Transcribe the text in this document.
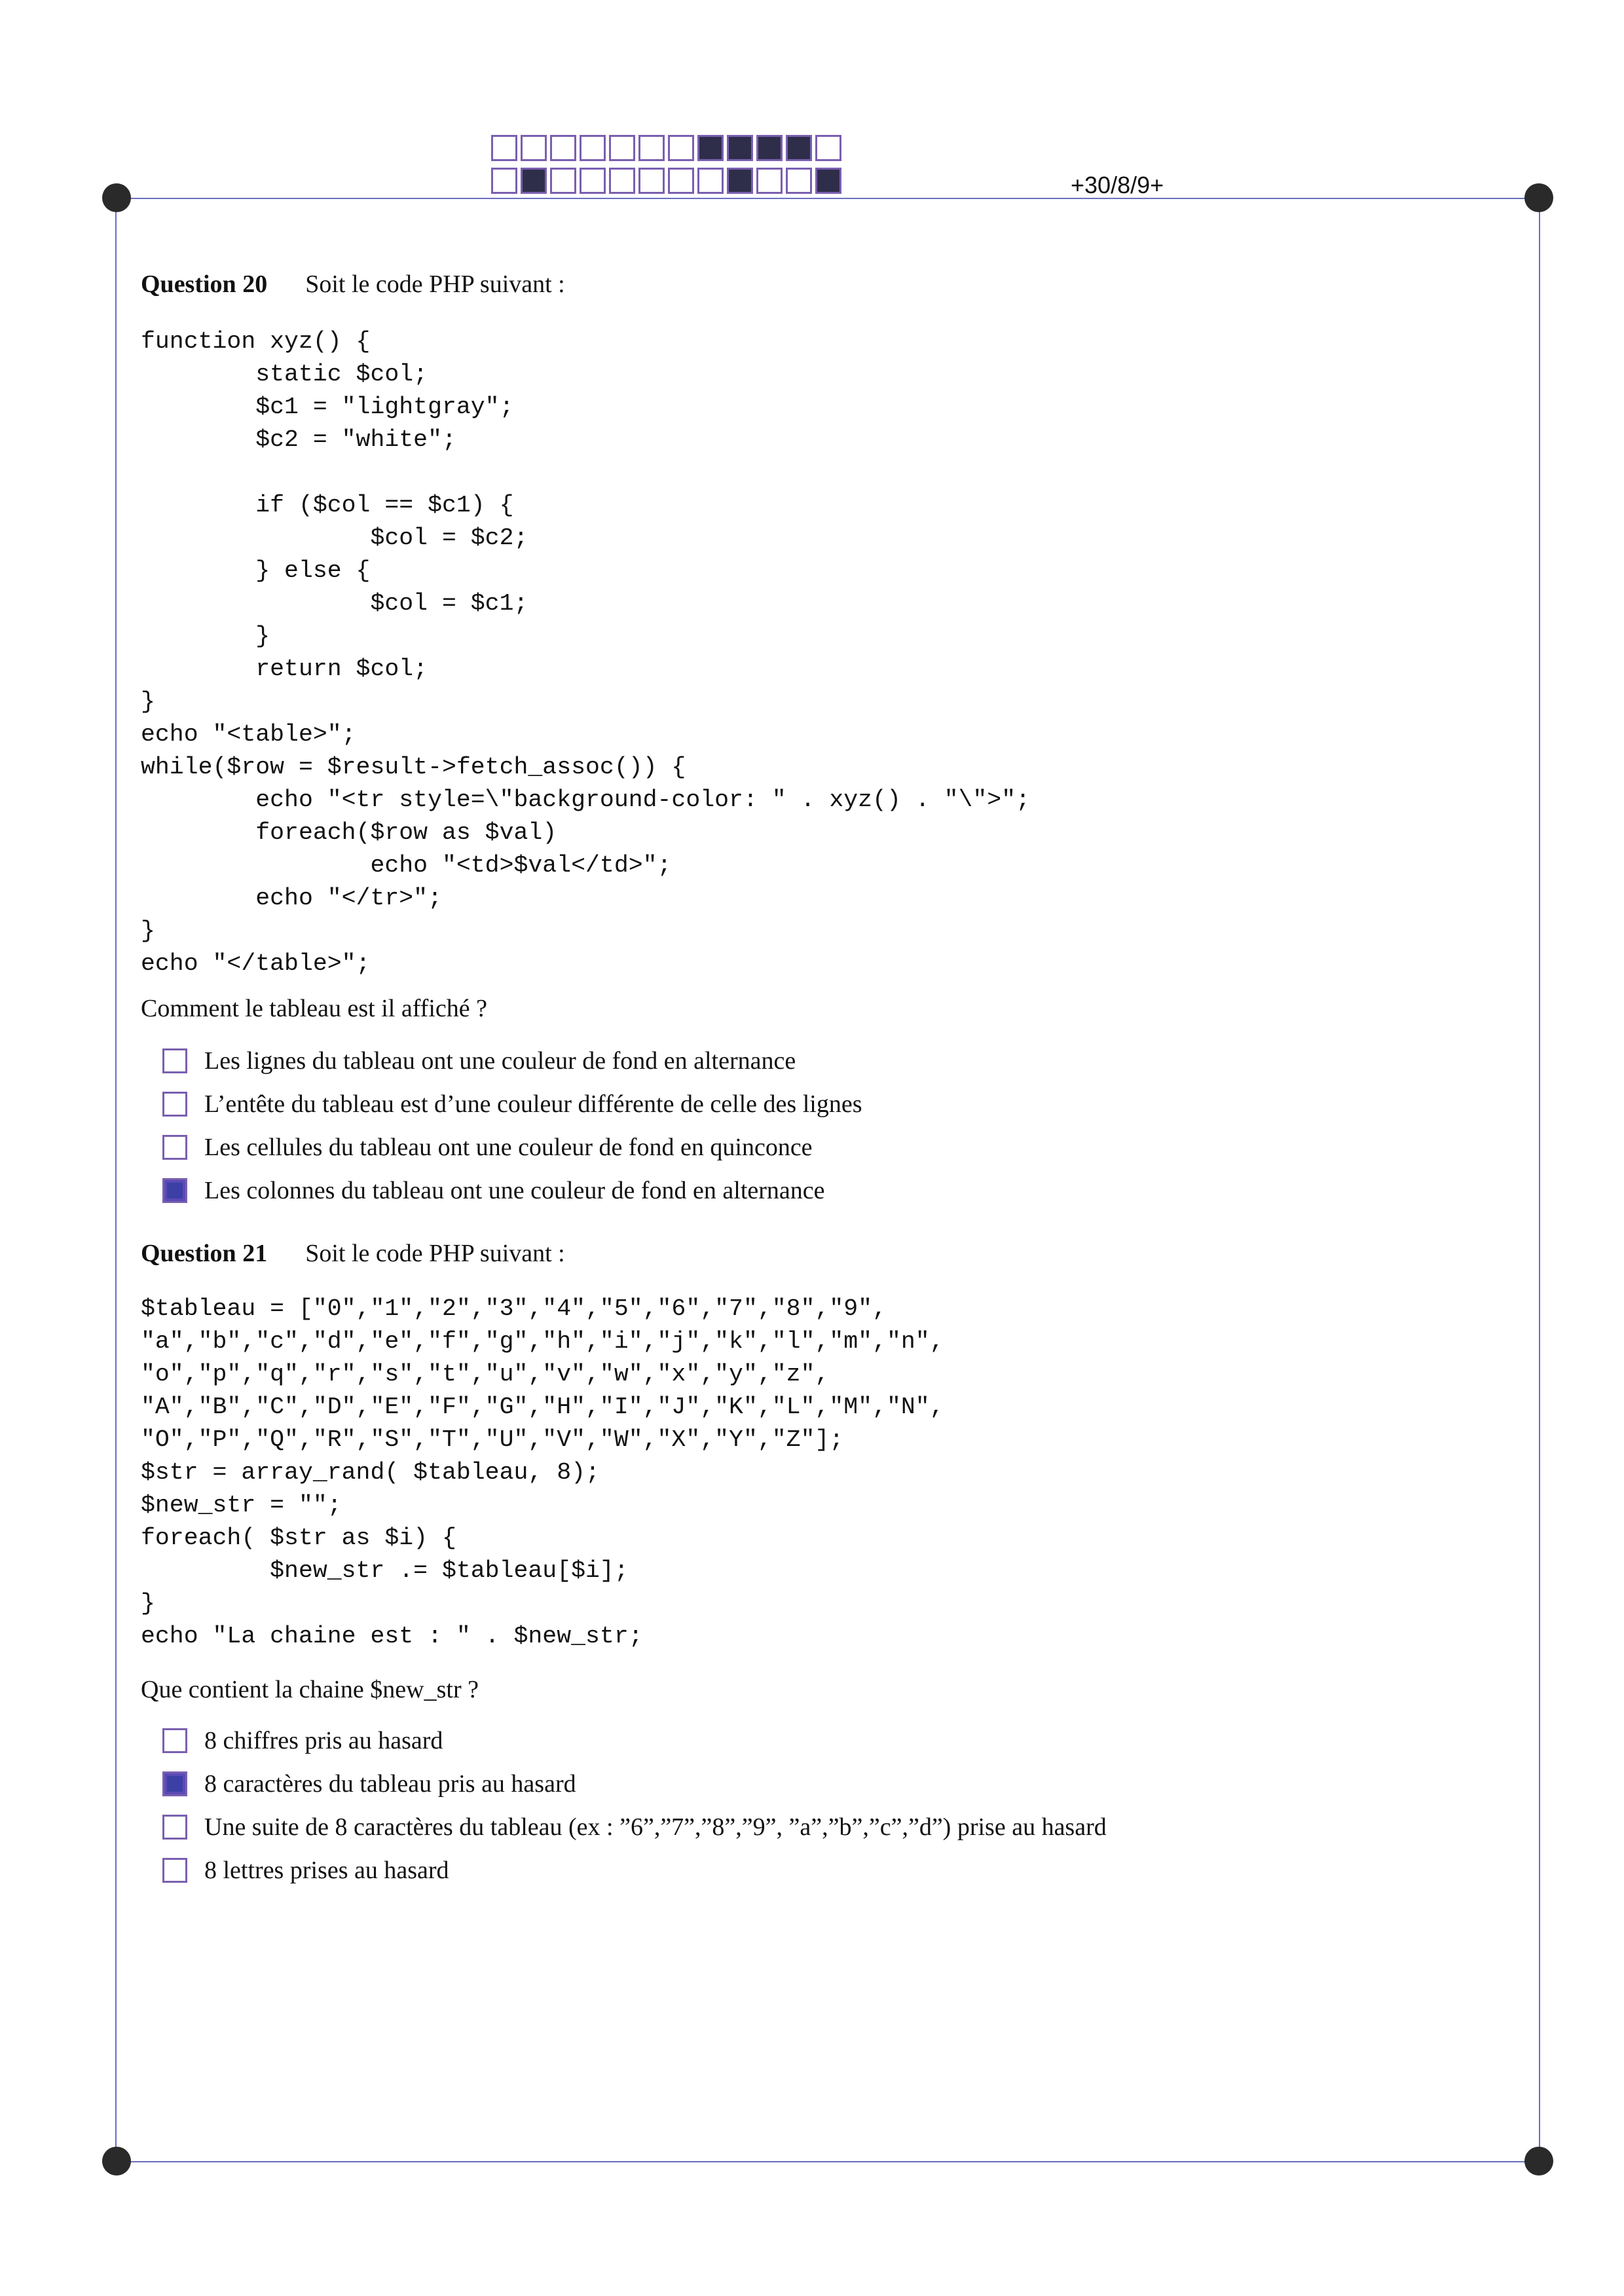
+30/8/9+
Question 20 Soit le code PHP suivant :
function xyz() {
static $col;
$c1 = "lightgray";
$c2 = "white";

if ($col == $c1) {
$col = $c2;
} else {
$col = $c1;
}
return $col;
}
echo "<table>";
while($row = $result->fetch_assoc()) {
echo "<tr style=\"background-color: " . xyz() . "\">";
foreach($row as $val)
echo "<td>$val</td>";
echo "</tr>";
}
echo "</table>";
Comment le tableau est il affiché ?
Les lignes du tableau ont une couleur de fond en alternance
L’entête du tableau est d’une couleur différente de celle des lignes
Les cellules du tableau ont une couleur de fond en quinconce
Les colonnes du tableau ont une couleur de fond en alternance
Question 21 Soit le code PHP suivant :
$tableau = ["0","1","2","3","4","5","6","7","8","9",
"a","b","c","d","e","f","g","h","i","j","k","l","m","n",
"o","p","q","r","s","t","u","v","w","x","y","z",
"A","B","C","D","E","F","G","H","I","J","K","L","M","N",
"O","P","Q","R","S","T","U","V","W","X","Y","Z"];
$str = array_rand( $tableau, 8);
$new_str = "";
foreach( $str as $i) {
$new_str .= $tableau[$i];
}
echo "La chaine est : " . $new_str;
Que contient la chaine $new_str ?
8 chiffres pris au hasard
8 caractères du tableau pris au hasard
Une suite de 8 caractères du tableau (ex : ”6”,”7”,”8”,”9”, ”a”,”b”,”c”,”d”) prise au hasard
8 lettres prises au hasard
